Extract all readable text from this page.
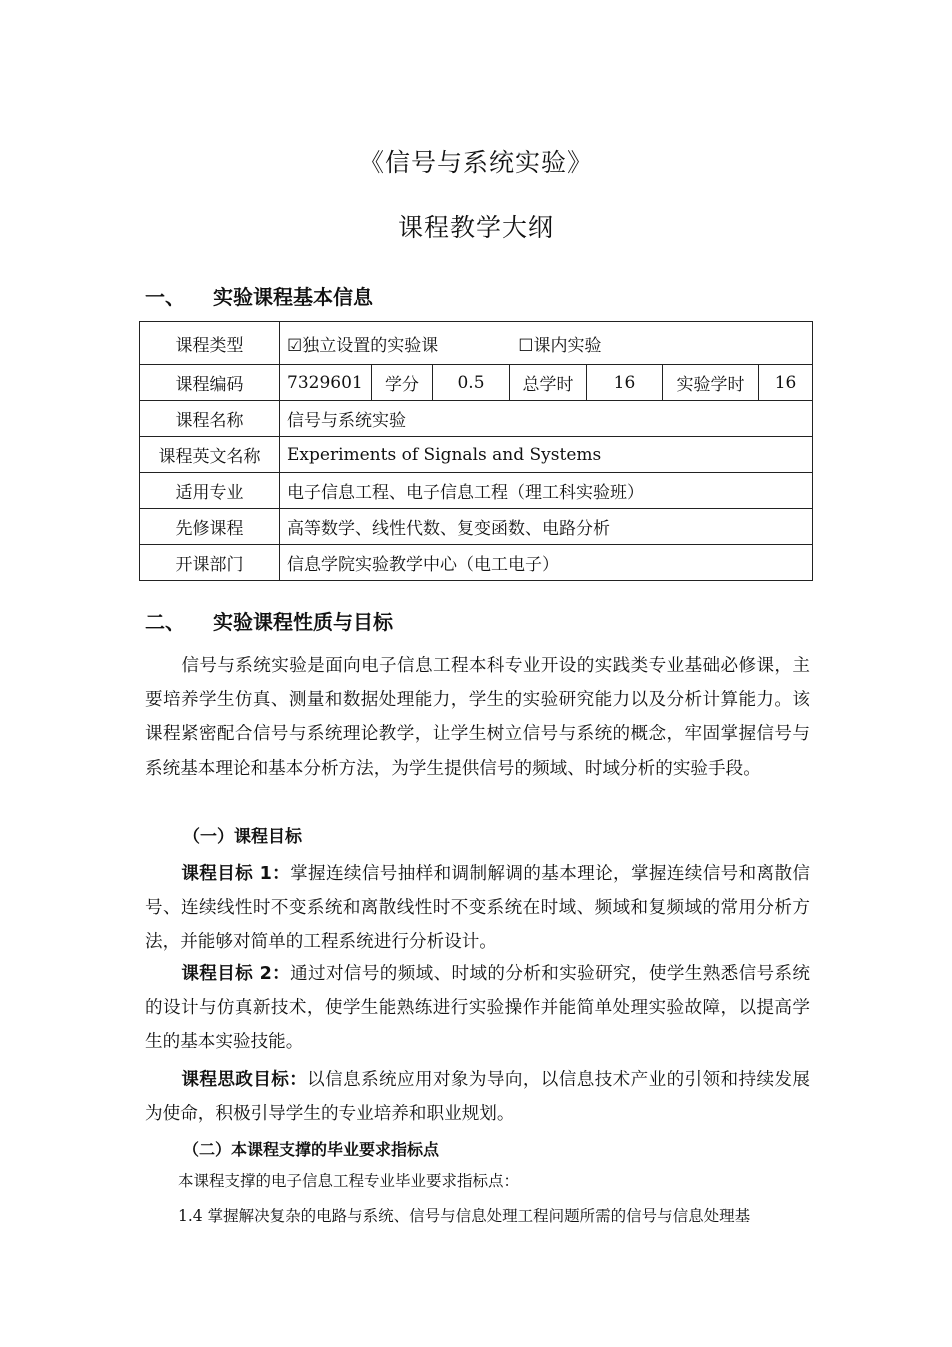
《信号与系统实验》
课程教学大纲
一、 实验课程基本信息
课程类型	☑独立设置的实验课 ☐课内实验						
课程编码	7329601	学分	0.5	总学时	16	实验学时	16
课程名称	信号与系统实验						
课程英文名称	Experiments of Signals and Systems						
适用专业	电子信息工程、电子信息工程（理工科实验班）						
先修课程	高等数学、线性代数、复变函数、电路分析						
开课部门	信息学院实验教学中心（电工电子）						
二、 实验课程性质与目标
信号与系统实验是面向电子信息工程本科专业开设的实践类专业基础必修课，主要培养学生仿真、测量和数据处理能力，学生的实验研究能力以及分析计算能力。该课程紧密配合信号与系统理论教学，让学生树立信号与系统的概念，牢固掌握信号与系统基本理论和基本分析方法，为学生提供信号的频域、时域分析的实验手段。
（一）课程目标
课程目标 1：掌握连续信号抽样和调制解调的基本理论，掌握连续信号和离散信号、连续线性时不变系统和离散线性时不变系统在时域、频域和复频域的常用分析方法，并能够对简单的工程系统进行分析设计。
课程目标 2：通过对信号的频域、时域的分析和实验研究，使学生熟悉信号系统的设计与仿真新技术，使学生能熟练进行实验操作并能简单处理实验故障，以提高学生的基本实验技能。
课程思政目标：以信息系统应用对象为导向，以信息技术产业的引领和持续发展为使命，积极引导学生的专业培养和职业规划。
（二）本课程支撑的毕业要求指标点
本课程支撑的电子信息工程专业毕业要求指标点：
1.4 掌握解决复杂的电路与系统、信号与信息处理工程问题所需的信号与信息处理基
